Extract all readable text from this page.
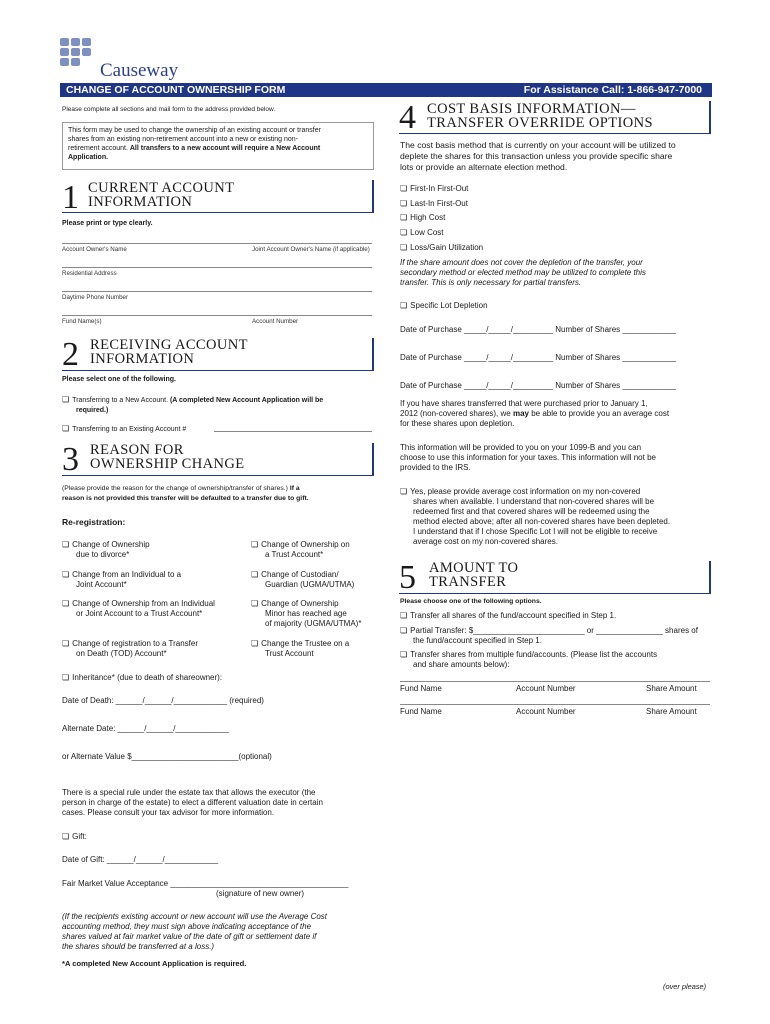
Causeway
CHANGE OF ACCOUNT OWNERSHIP FORM	For Assistance Call: 1-866-947-7000
Please complete all sections and mail form to the address provided below.
This form may be used to change the ownership of an existing account or transfer
shares from an existing non-retirement account into a new or existing non-
retirement account. All transfers to a new account will require a New Account
Application.
1 CURRENT ACCOUNT
INFORMATION
Please print or type clearly.
Account Owner's Name	Joint Account Owner's Name (if applicable)
Residential Address
Daytime Phone Number
Fund Name(s)	Account Number
2 RECEIVING ACCOUNT
INFORMATION
Please select one of the following.
❏ Transferring to a New Account. (A completed New Account Application will be
required.)
❏ Transferring to an Existing Account #
3 REASON FOR
OWNERSHIP CHANGE
(Please provide the reason for the change of ownership/transfer of shares.) If a
reason is not provided this transfer will be defaulted to a transfer due to gift.
Re-registration:
❏ Change of Ownership
due to divorce*
❏ Change of Ownership on
a Trust Account*
❏ Change from an Individual to a
Joint Account*
❏ Change of Custodian/
Guardian (UGMA/UTMA)
❏ Change of Ownership from an Individual
or Joint Account to a Trust Account*
❏ Change of Ownership
Minor has reached age
of majority (UGMA/UTMA)*
❏ Change of registration to a Transfer
on Death (TOD) Account*
❏ Change the Trustee on a
Trust Account
❏ Inheritance* (due to death of shareowner):
Date of Death: ______/______/____________ (required)
Alternate Date: ______/______/____________
or Alternate Value $________________________(optional)
There is a special rule under the estate tax that allows the executor (the
person in charge of the estate) to elect a different valuation date in certain
cases. Please consult your tax advisor for more information.
❏ Gift:
Date of Gift: ______/______/____________
Fair Market Value Acceptance ________________________________________
(signature of new owner)
(If the recipients existing account or new account will use the Average Cost
accounting method, they must sign above indicating acceptance of the
shares valued at fair market value of the date of gift or settlement date if
the shares should be transferred at a loss.)
*A completed New Account Application is required.
4 COST BASIS INFORMATION—
TRANSFER OVERRIDE OPTIONS
The cost basis method that is currently on your account will be utilized to
deplete the shares for this transaction unless you provide specific share
lots or provide an alternate election method.
❏ First-In First-Out
❏ Last-In First-Out
❏ High Cost
❏ Low Cost
❏ Loss/Gain Utilization
If the share amount does not cover the depletion of the transfer, your
secondary method or elected method may be utilized to complete this
transfer. This is only necessary for partial transfers.
❏ Specific Lot Depletion
Date of Purchase _____/_____/_________ Number of Shares ____________
Date of Purchase _____/_____/_________ Number of Shares ____________
Date of Purchase _____/_____/_________ Number of Shares ____________
If you have shares transferred that were purchased prior to January 1,
2012 (non-covered shares), we may be able to provide you an average cost
for these shares upon depletion.
This information will be provided to you on your 1099-B and you can
choose to use this information for your taxes. This information will not be
provided to the IRS.
❏ Yes, please provide average cost information on my non-covered
shares when available. I understand that non-covered shares will be
redeemed first and that covered shares will be redeemed using the
method elected above; after all non-covered shares have been depleted.
I understand that if I chose Specific Lot I will not be eligible to receive
average cost on my non-covered shares.
5 AMOUNT TO
TRANSFER
Please choose one of the following options.
❏ Transfer all shares of the fund/account specified in Step 1.
❏ Partial Transfer: $_________________________ or _______________ shares of
the fund/account specified in Step 1.
❏ Transfer shares from multiple fund/accounts. (Please list the accounts
and share amounts below):
Fund Name	Account Number	Share Amount
Fund Name	Account Number	Share Amount
(over please)
